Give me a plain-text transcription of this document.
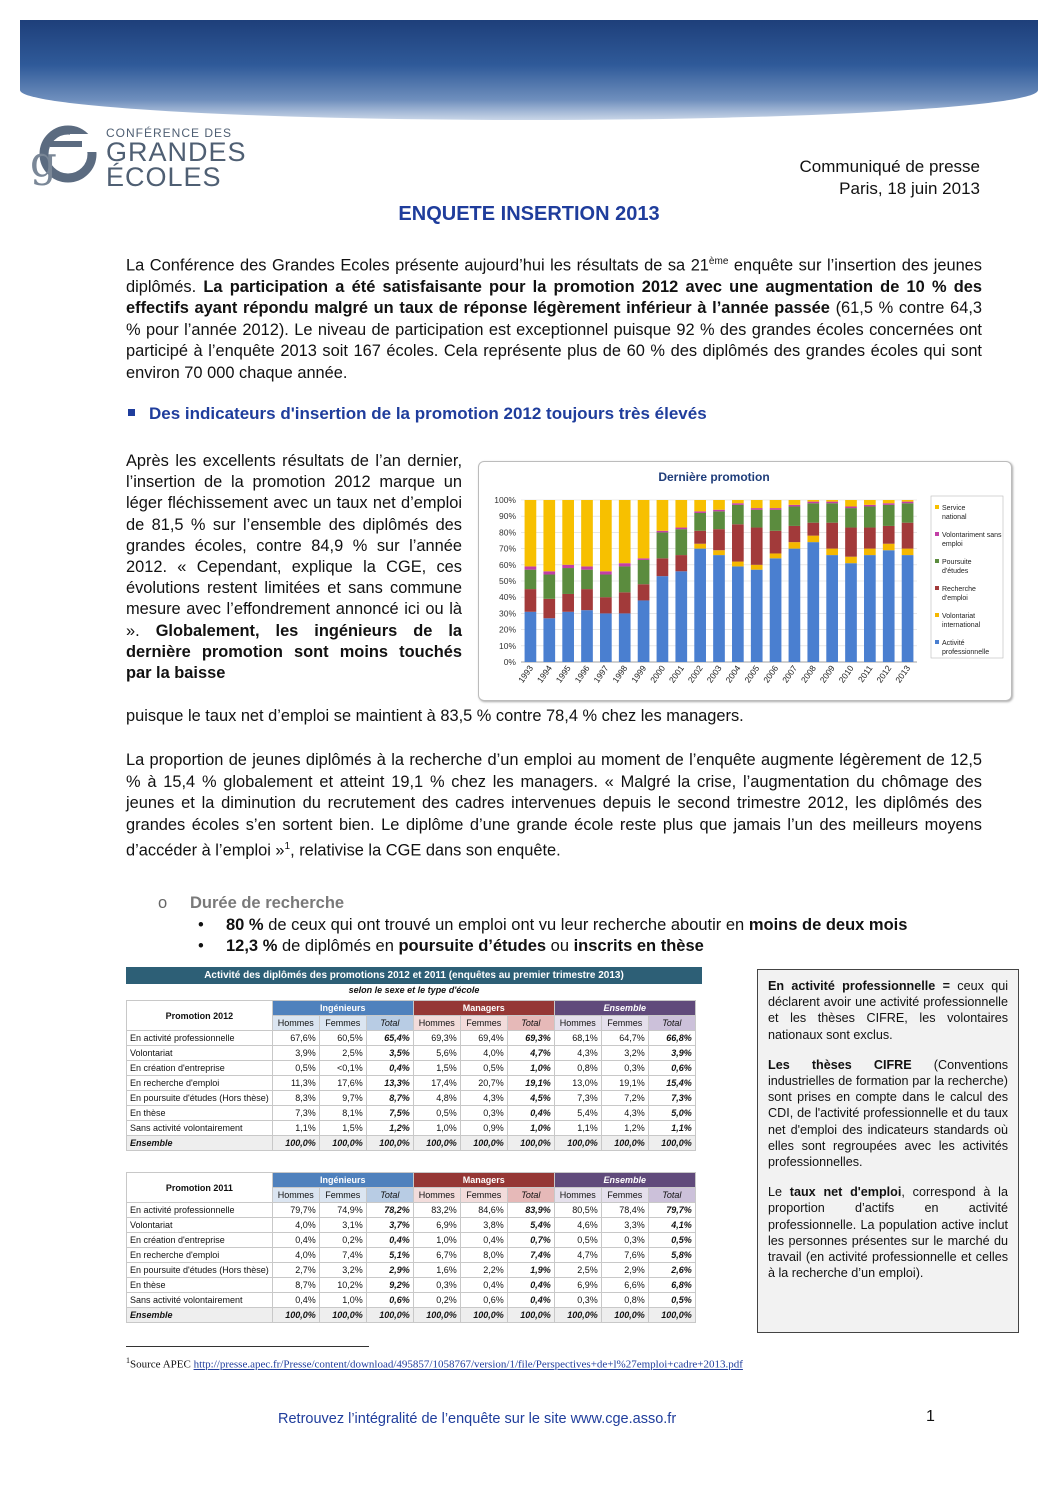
g
CONFÉRENCE DES
GRANDES
ÉCOLES	Communiqué de presse
Paris, 18 juin 2013
ENQUETE INSERTION 2013
La Conférence des Grandes Ecoles présente aujourd’hui les résultats de sa 21ème enquête sur l’insertion des jeunes diplômés. La participation a été satisfaisante pour la promotion 2012 avec une augmentation de 10 % des effectifs ayant répondu malgré un taux de réponse légèrement inférieur à l’année passée (61,5 % contre 64,3 % pour l’année 2012). Le niveau de participation est exceptionnel puisque 92 % des grandes écoles concernées ont participé à l’enquête 2013 soit 167 écoles. Cela représente plus de 60 % des diplômés des grandes écoles qui sont environ 70 000 chaque année.
Des indicateurs d'insertion de la promotion 2012 toujours très élevés
Après les excellents résultats de l’an dernier, l’insertion de la promotion 2012 marque un léger fléchissement avec un taux net d’emploi de 81,5 % sur l’ensemble des diplômés des grandes écoles, contre 84,9 % sur l’année 2012. « Cependant, explique la CGE, ces évolutions restent limitées et sans commune mesure avec l’effondrement annoncé ici ou là ». Globalement, les ingénieurs de la dernière promotion sont moins touchés par la baisse
puisque le taux net d’emploi se maintient à 83,5 % contre 78,4 % chez les managers.
Dernière promotion
0%
10%
20%
30%
40%
50%
60%
70%
80%
90%
100%
1993 1994 1995 1996 1997 1998 1999 2000 2001 2002 2003 2004 2005 2006 2007 2008 2009 2010 2011 2012 2013
Service
national
Volontariment sans
emploi
Poursuite
d'études
Recherche
d'emploi
Volontariat
international
Activité
professionnelle
La proportion de jeunes diplômés à la recherche d’un emploi au moment de l’enquête augmente légèrement de 12,5 % à 15,4 % globalement et atteint 19,1 % chez les managers. « Malgré la crise, l’augmentation du chômage des jeunes et la diminution du recrutement des cadres intervenues depuis le second trimestre 2012, les diplômés des grandes écoles s’en sortent bien. Le diplôme d’une grande école reste plus que jamais l’un des meilleurs moyens d’accéder à l’emploi »$^1$, relativise la CGE dans son enquête.
o Durée de recherche
• 80 % de ceux qui ont trouvé un emploi ont vu leur recherche aboutir en moins de deux mois
• 12,3 % de diplômés en poursuite d’études ou inscrits en thèse
Activité des diplômés des promotions 2012 et 2011 (enquêtes au premier trimestre 2013)
selon le sexe et le type d'école
Promotion 2012	Ingénieurs			Managers			Ensemble		
	Hommes	Femmes	Total	Hommes	Femmes	Total	Hommes	Femmes	Total
En activité professionnelle	67,6%	60,5%	65,4%	69,3%	69,4%	69,3%	68,1%	64,7%	66,8%
Volontariat	3,9%	2,5%	3,5%	5,6%	4,0%	4,7%	4,3%	3,2%	3,9%
En création d'entreprise	0,5%	<0,1%	0,4%	1,5%	0,5%	1,0%	0,8%	0,3%	0,6%
En recherche d'emploi	11,3%	17,6%	13,3%	17,4%	20,7%	19,1%	13,0%	19,1%	15,4%
En poursuite d'études (Hors thèse)	8,3%	9,7%	8,7%	4,8%	4,3%	4,5%	7,3%	7,2%	7,3%
En thèse	7,3%	8,1%	7,5%	0,5%	0,3%	0,4%	5,4%	4,3%	5,0%
Sans activité volontairement	1,1%	1,5%	1,2%	1,0%	0,9%	1,0%	1,1%	1,2%	1,1%
Ensemble	100,0%	100,0%	100,0%	100,0%	100,0%	100,0%	100,0%	100,0%	100,0%
Promotion 2011	Ingénieurs			Managers			Ensemble		
	Hommes	Femmes	Total	Hommes	Femmes	Total	Hommes	Femmes	Total
En activité professionnelle	79,7%	74,9%	78,2%	83,2%	84,6%	83,9%	80,5%	78,4%	79,7%
Volontariat	4,0%	3,1%	3,7%	6,9%	3,8%	5,4%	4,6%	3,3%	4,1%
En création d'entreprise	0,4%	0,2%	0,4%	1,0%	0,4%	0,7%	0,5%	0,3%	0,5%
En recherche d'emploi	4,0%	7,4%	5,1%	6,7%	8,0%	7,4%	4,7%	7,6%	5,8%
En poursuite d'études (Hors thèse)	2,7%	3,2%	2,9%	1,6%	2,2%	1,9%	2,5%	2,9%	2,6%
En thèse	8,7%	10,2%	9,2%	0,3%	0,4%	0,4%	6,9%	6,6%	6,8%
Sans activité volontairement	0,4%	1,0%	0,6%	0,2%	0,6%	0,4%	0,3%	0,8%	0,5%
Ensemble	100,0%	100,0%	100,0%	100,0%	100,0%	100,0%	100,0%	100,0%	100,0%

En activité professionnelle = ceux qui déclarent avoir une activité professionnelle et les thèses CIFRE, les volontaires nationaux sont exclus.

Les thèses CIFRE (Conventions industrielles de formation par la recherche) sont prises en compte dans le calcul des CDI, de l'activité professionnelle et du taux net d'emploi des indicateurs standards où elles sont regroupées avec les activités professionnelles.

Le taux net d'emploi, correspond à la proportion d’actifs en activité professionnelle. La population active inclut les personnes présentes sur le marché du travail (en activité professionnelle et celles à la recherche d’un emploi).

$^1$Source APEC http://presse.apec.fr/Presse/content/download/495857/1058767/version/1/file/Perspectives+de+l%27emploi+cadre+2013.pdf
Retrouvez l’intégralité de l’enquête sur le site www.cge.asso.fr	1
